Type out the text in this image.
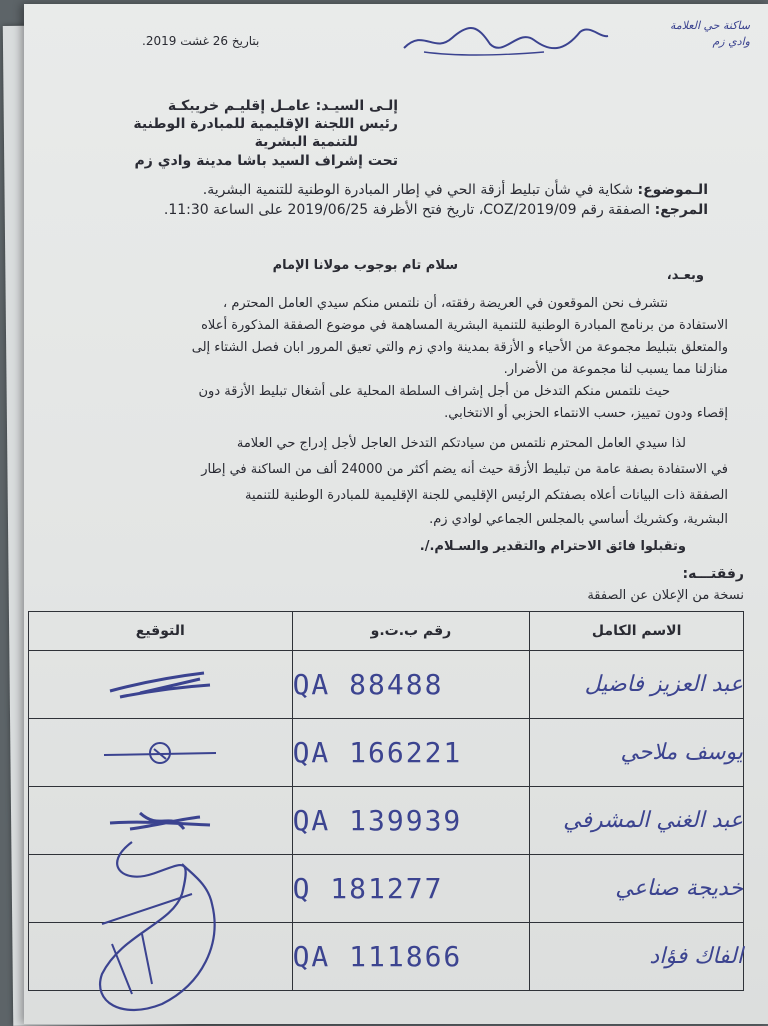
ساكنة حي العلامة
وادي زم
السعيد بيجع
بتاريخ 26 غشت 2019.
إلـى السيـد: عامـل إقليـم خريبكـة
رئيس اللجنة الإقليمية للمبادرة الوطنية
للتنمية البشرية
تحت إشراف السيد باشا مدينة وادي زم
الـموضوع: شكاية في شأن تبليط أزقة الحي في إطار المبادرة الوطنية للتنمية البشرية.
المرجع: الصفقة رقم COZ/2019/09، تاريخ فتح الأظرفة 2019/06/25 على الساعة 11:30.
سلام تام بوجوب مولانا الإمام
وبعـد،
نتشرف نحن الموقعون في العريضة رفقته، أن نلتمس منكم سيدي العامل المحترم ،
الاستفادة من برنامج المبادرة الوطنية للتنمية البشرية المساهمة في موضوع الصفقة المذكورة أعلاه
والمتعلق بتبليط مجموعة من الأحياء و الأزقة بمدينة وادي زم والتي تعيق المرور ابان فصل الشتاء إلى
منازلنا مما يسبب لنا مجموعة من الأضرار.
حيث نلتمس منكم التدخل من أجل إشراف السلطة المحلية على أشغال تبليط الأزقة دون
إقصاء ودون تمييز، حسب الانتماء الحزبي أو الانتخابي.
لذا سيدي العامل المحترم نلتمس من سيادتكم التدخل العاجل لأجل إدراج حي العلامة
في الاستفادة بصفة عامة من تبليط الأزقة حيث أنه يضم أكثر من 24000 ألف من الساكنة في إطار
الصفقة ذات البيانات أعلاه بصفتكم الرئيس الإقليمي للجنة الإقليمية للمبادرة الوطنية للتنمية
البشرية، وكشريك أساسي بالمجلس الجماعي لوادي زم.
وتقبلوا فائق الاحترام والتقدير والسـلام./.
رفقتـــه:
نسخة من الإعلان عن الصفقة
الاسم الكامل	رقم ب.ت.و	التوقيع
عبد العزيز فاضيل	QA 88488	

يوسف ملاحي	QA 166221	

عبد الغني المشرفي	QA 139939	

خديجة صناعي	Q 181277	
الفاك فؤاد	QA 111866	
